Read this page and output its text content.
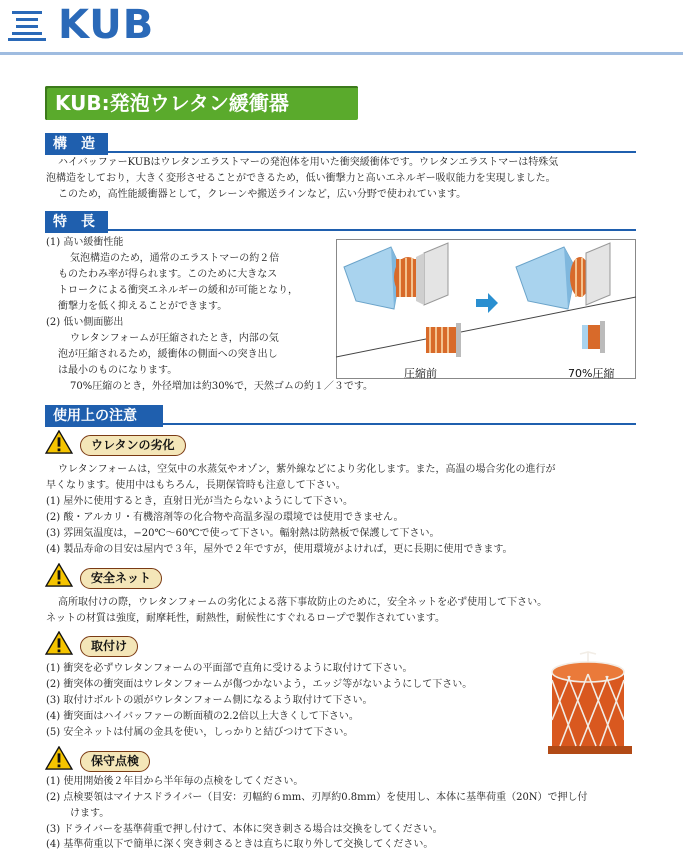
KUB
KUB:発泡ウレタン緩衝器
構　造
ハイバッファーKUBはウレタンエラストマーの発泡体を用いた衝突緩衝体です。ウレタンエラストマーは特殊気
泡構造をしており，大きく変形させることができるため，低い衝撃力と高いエネルギー吸収能力を実現しました。
このため，高性能緩衝器として，クレーンや搬送ラインなど，広い分野で使われています。
特　長
(1) 高い緩衝性能
気泡構造のため，通常のエラストマーの約２倍
ものたわみ率が得られます。このために大きなス
トロークによる衝突エネルギーの緩和が可能となり，
衝撃力を低く抑えることができます。
(2) 低い側面膨出
ウレタンフォームが圧縮されたとき，内部の気
泡が圧縮されるため，緩衝体の側面への突き出し
は最小のものになります。
70%圧縮のとき，外径増加は約30%で，天然ゴムの約１／３です。
圧縮前	70%圧縮
使用上の注意
ウレタンの劣化
ウレタンフォームは，空気中の水蒸気やオゾン，紫外線などにより劣化します。また，高温の場合劣化の進行が
早くなります。使用中はもちろん，長期保管時も注意して下さい。
(1) 屋外に使用するとき，直射日光が当たらないようにして下さい。
(2) 酸・アルカリ・有機溶剤等の化合物や高温多湿の環境では使用できません。
(3) 雰囲気温度は，−20℃～60℃で使って下さい。輻射熱は防熱板で保護して下さい。
(4) 製品寿命の目安は屋内で３年，屋外で２年ですが，使用環境がよければ，更に長期に使用できます。
安全ネット
高所取付けの際，ウレタンフォームの劣化による落下事故防止のために，安全ネットを必ず使用して下さい。
ネットの材質は強度，耐摩耗性，耐熱性，耐候性にすぐれるロープで製作されています。
取付け
(1) 衝突を必ずウレタンフォームの平面部で直角に受けるように取付けて下さい。
(2) 衝突体の衝突面はウレタンフォームが傷つかないよう，エッジ等がないようにして下さい。
(3) 取付けボルトの頭がウレタンフォーム側になるよう取付けて下さい。
(4) 衝突面はハイバッファーの断面積の2.2倍以上大きくして下さい。
(5) 安全ネットは付属の金具を使い，しっかりと結びつけて下さい。
保守点検
(1) 使用開始後２年目から半年毎の点検をしてください。
(2) 点検要領はマイナスドライバー（目安：刃幅約６mm、刃厚約0.8mm）を使用し、本体に基準荷重（20N）で押し付
けます。
(3) ドライバーを基準荷重で押し付けて、本体に突き刺さる場合は交換をしてください。
(4) 基準荷重以下で簡単に深く突き刺さるときは直ちに取り外して交換してください。
